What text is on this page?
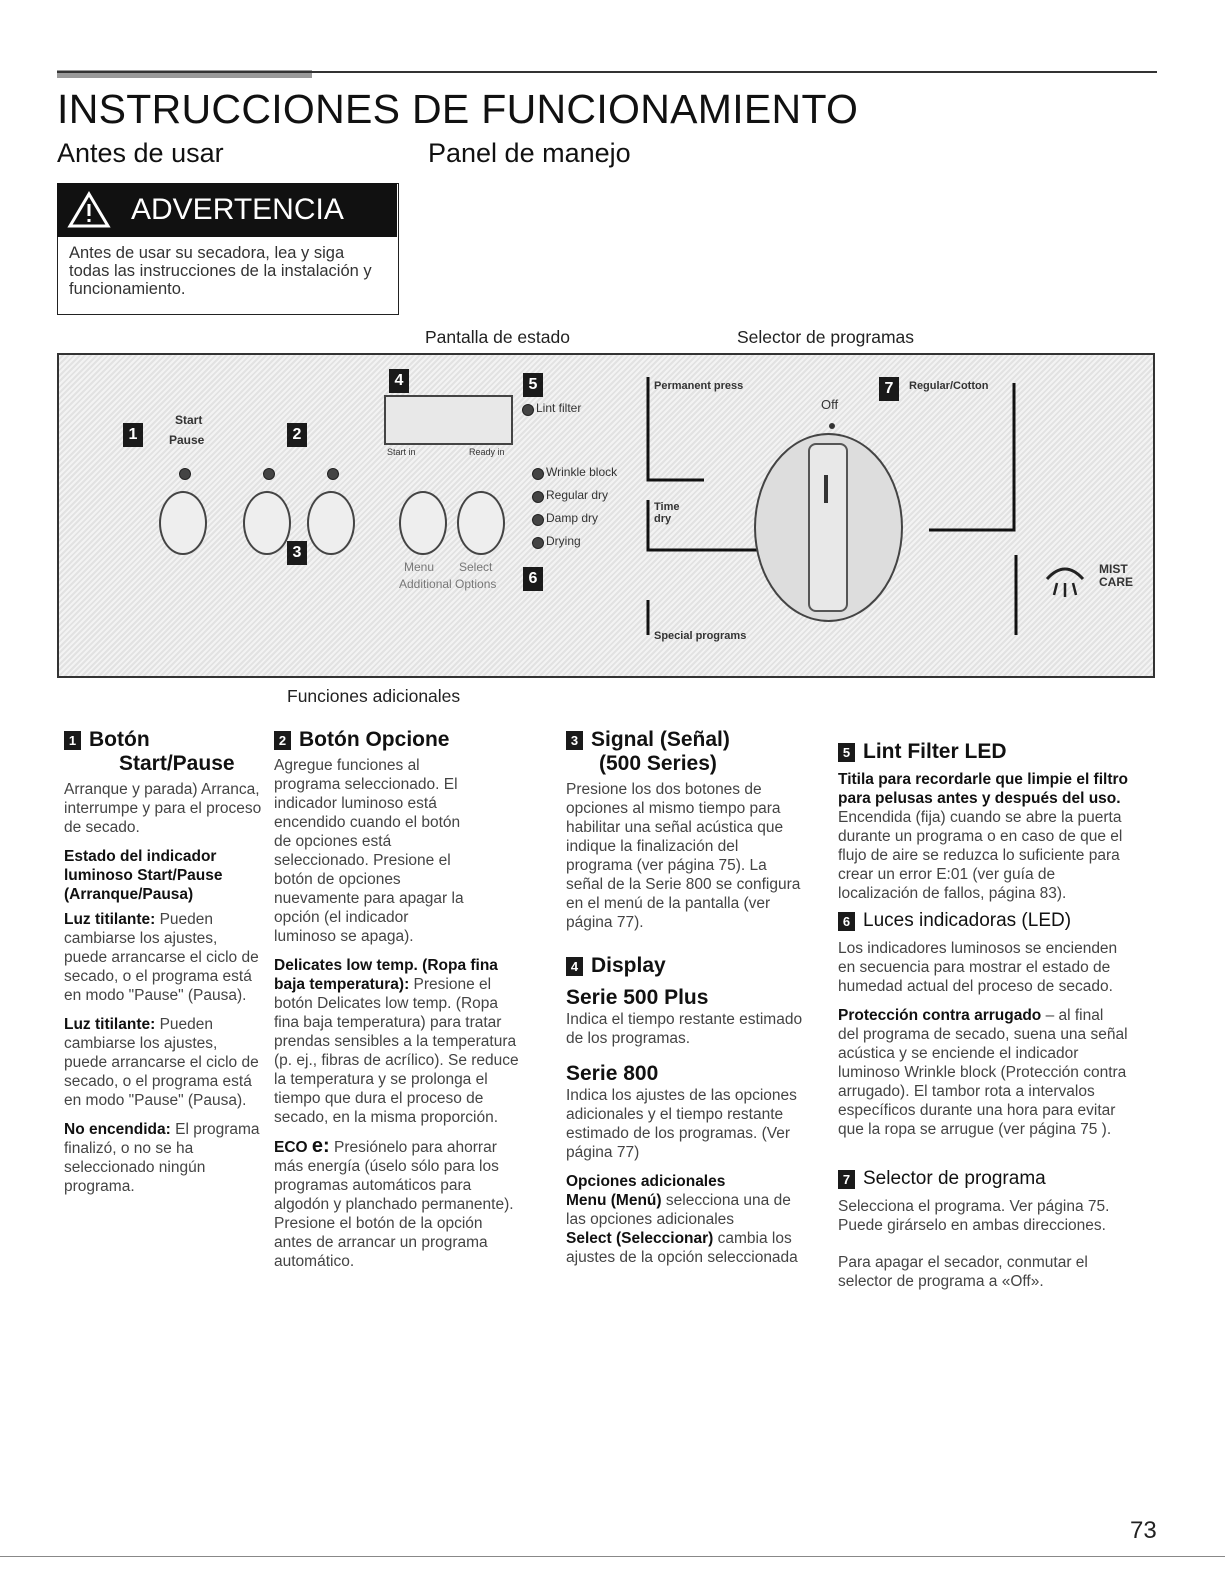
INSTRUCCIONES DE FUNCIONAMIENTO
Antes de usar	Panel de manejo
ADVERTENCIA
Antes de usar su secadora, lea y siga todas las instrucciones de la instalación y funcionamiento.
Pantalla de estado	Selector de programas
Funciones adicionales
1	2
3
4	5
6
7
Start
Pause
Menu Select
Additional Options
Start in	Ready in
Lint filter
Wrinkle block
Regular dry
Damp dry
Drying
Permanent press	Regular/Cotton
Off
Time dry
Special programs
MIST CARE
1 Botón
Start/Pause

Arranque y parada) Arranca, interrumpe y para el proceso de secado.

Estado del indicador luminoso Start/Pause (Arranque/Pausa)

Luz titilante: Pueden cambiarse los ajustes, puede arrancarse el ciclo de secado, o el programa está en modo "Pause" (Pausa).

Luz titilante: Pueden cambiarse los ajustes, puede arrancarse el ciclo de secado, o el programa está en modo "Pause" (Pausa).

No encendida: El programa finalizó, o no se ha seleccionado ningún programa.

2 Botón Opcione

Agregue funciones al programa seleccionado. El indicador luminoso está encendido cuando el botón de opciones está seleccionado. Presione el botón de opciones nuevamente para apagar la opción (el indicador luminoso se apaga).

Delicates low temp. (Ropa fina baja temperatura): Presione el botón Delicates low temp. (Ropa fina baja temperatura) para tratar prendas sensibles a la temperatura (p. ej., fibras de acrílico). Se reduce la temperatura y se prolonga el tiempo que dura el proceso de secado, en la misma proporción.

ECO e: Presiónelo para ahorrar más energía (úselo sólo para los programas automáticos para algodón y planchado permanente). Presione el botón de la opción antes de arrancar un programa automático.

3 Signal (Señal)
(500 Series)

Presione los dos botones de opciones al mismo tiempo para habilitar una señal acústica que indique la finalización del programa (ver página 75). La señal de la Serie 800 se configura en el menú de la pantalla (ver página 77).

4 Display
Serie 500 Plus

Indica el tiempo restante estimado de los programas.

Serie 800

Indica los ajustes de las opciones adicionales y el tiempo restante estimado de los programas. (Ver página 77)

Opciones adicionales

Menu (Menú) selecciona una de las opciones adicionales

Select (Seleccionar) cambia los ajustes de la opción seleccionada

5 Lint Filter LED

Titila para recordarle que limpie el filtro para pelusas antes y después del uso. Encendida (fija) cuando se abre la puerta durante un programa o en caso de que el flujo de aire se reduzca lo suficiente para crear un error E:01 (ver guía de localización de fallos, página 83).

6 Luces indicadoras (LED)

Los indicadores luminosos se encienden en secuencia para mostrar el estado de humedad actual del proceso de secado.

Protección contra arrugado – al final del programa de secado, suena una señal acústica y se enciende el indicador luminoso Wrinkle block (Protección contra arrugado). El tambor rota a intervalos específicos durante una hora para evitar que la ropa se arrugue (ver página 75 ).

7 Selector de programa

Selecciona el programa. Ver página 75. Puede girárselo en ambas direcciones.

Para apagar el secador, conmutar el selector de programa a «Off».

73
